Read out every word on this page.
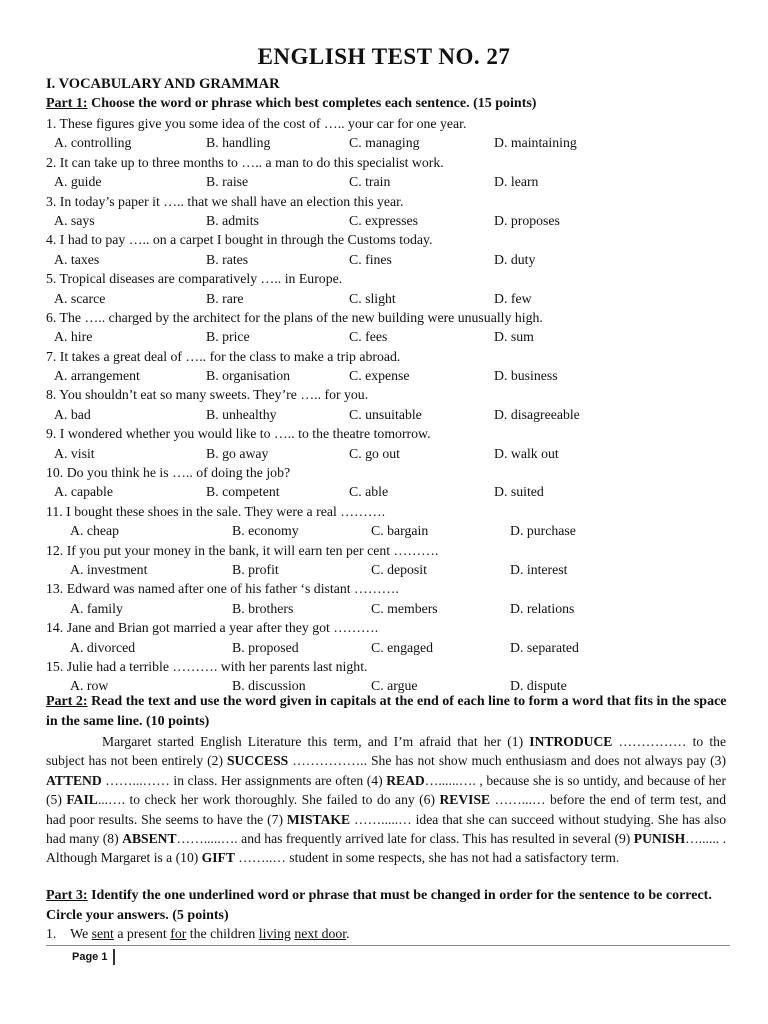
ENGLISH TEST NO. 27
I. VOCABULARY AND GRAMMAR
Part 1: Choose the word or phrase which best completes each sentence. (15 points)
1. These figures give you some idea of the cost of ….. your car for one year.
A. controlling	B. handling	C. managing	D. maintaining
2. It can take up to three months to ….. a man to do this specialist work.
A. guide	B. raise	C. train	D. learn
3. In today’s paper it ….. that we shall have an election this year.
A. says	B. admits	C. expresses	D. proposes
4. I had to pay ….. on a carpet I bought in through the Customs today.
A. taxes	B. rates	C. fines	D. duty
5. Tropical diseases are comparatively ….. in Europe.
A. scarce	B. rare	C. slight	D. few
6. The ….. charged by the architect for the plans of the new building were unusually high.
A. hire	B. price	C. fees	D. sum
7. It takes a great deal of ….. for the class to make a trip abroad.
A. arrangement	B. organisation	C. expense	D. business
8. You shouldn’t eat so many sweets. They’re ….. for you.
A. bad	B. unhealthy	C. unsuitable	D. disagreeable
9. I wondered whether you would like to ….. to the theatre tomorrow.
A. visit	B. go away	C. go out	D. walk out
10. Do you think he is ….. of doing the job?
A. capable	B. competent	C. able	D. suited
11. I bought these shoes in the sale. They were a real ……….
A. cheap	B. economy	C. bargain	D. purchase
12. If you put your money in the bank, it will earn ten per cent ……….
A. investment	B. profit	C. deposit	D. interest
13. Edward was named after one of his father ‘s distant ……….
A. family	B. brothers	C. members	D. relations
14. Jane and Brian got married a year after they got ……….
A. divorced	B. proposed	C. engaged	D. separated
15. Julie had a terrible ………. with her parents last night.
A. row	B. discussion	C. argue	D. dispute
Part 2: Read the text and use the word given in capitals at the end of each line to form a word that fits in the space in the same line. (10 points)
Margaret started English Literature this term, and I’m afraid that her (1) INTRODUCE …………… to the subject has not been entirely (2) SUCCESS …………….. She has not show much enthusiasm and does not always pay (3) ATTEND ……...…… in class. Her assignments are often (4) READ…......…. , because she is so untidy, and because of her (5) FAIL...…. to check her work thoroughly. She failed to do any (6) REVISE ……...… before the end of term test, and had poor results. She seems to have the (7) MISTAKE …….....… idea that she can succeed without studying. She has also had many (8) ABSENT…….....…. and has frequently arrived late for class. This has resulted in several (9) PUNISH…...... . Although Margaret is a (10) GIFT ……..… student in some respects, she has not had a satisfactory term.
Part 3: Identify the one underlined word or phrase that must be changed in order for the sentence to be correct. Circle your answers. (5 points)
1. We sent a present for the children living next door.
Page 1
